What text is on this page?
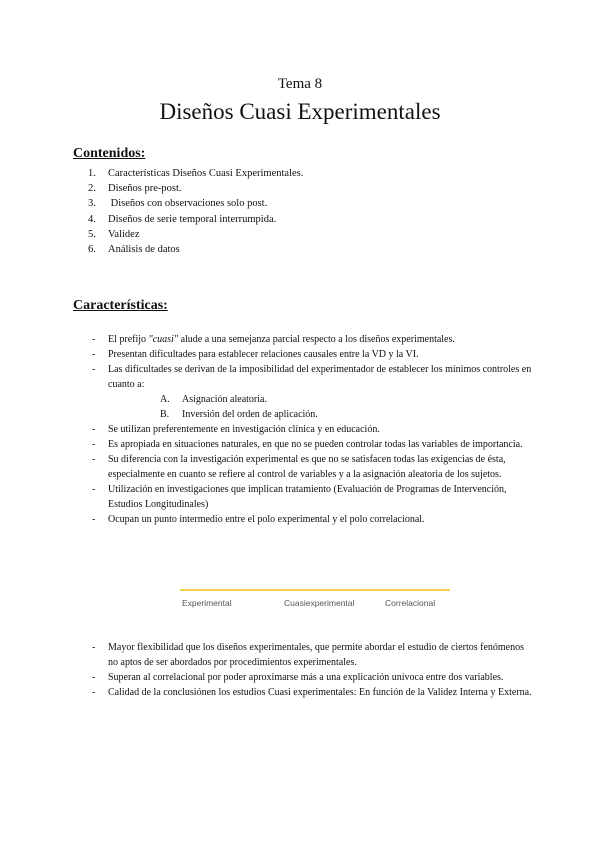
Tema 8
Diseños Cuasi Experimentales
Contenidos:
1. Características Diseños Cuasi Experimentales.
2. Diseños pre-post.
3. Diseños con observaciones solo post.
4. Diseños de serie temporal interrumpida.
5. Validez
6. Análisis de datos
Características:
- El prefijo "cuasi" alude a una semejanza parcial respecto a los diseños experimentales.
- Presentan dificultades para establecer relaciones causales entre la VD y la VI.
- Las dificultades se derivan de la imposibilidad del experimentador de establecer los mínimos controles en cuanto a:
A. Asignación aleatoria.
B. Inversión del orden de aplicación.
- Se utilizan preferentemente en investigación clínica y en educación.
- Es apropiada en situaciones naturales, en que no se pueden controlar todas las variables de importancia.
- Su diferencia con la investigación experimental es que no se satisfacen todas las exigencias de ésta, especialmente en cuanto se refiere al control de variables y a la asignación aleatoria de los sujetos.
- Utilización en investigaciones que implican tratamiento (Evaluación de Programas de Intervención, Estudios Longitudinales)
- Ocupan un punto intermedio entre el polo experimental y el polo correlacional.
Experimental	Cuasiexperimental	Correlacional
- Mayor flexibilidad que los diseños experimentales, que permite abordar el estudio de ciertos fenómenos no aptos de ser abordados por procedimientos experimentales.
- Superan al correlacional por poder aproximarse más a una explicación unívoca entre dos variables.
- Calidad de la conclusiónen los estudios Cuasi experimentales: En función de la Validez Interna y Externa.
